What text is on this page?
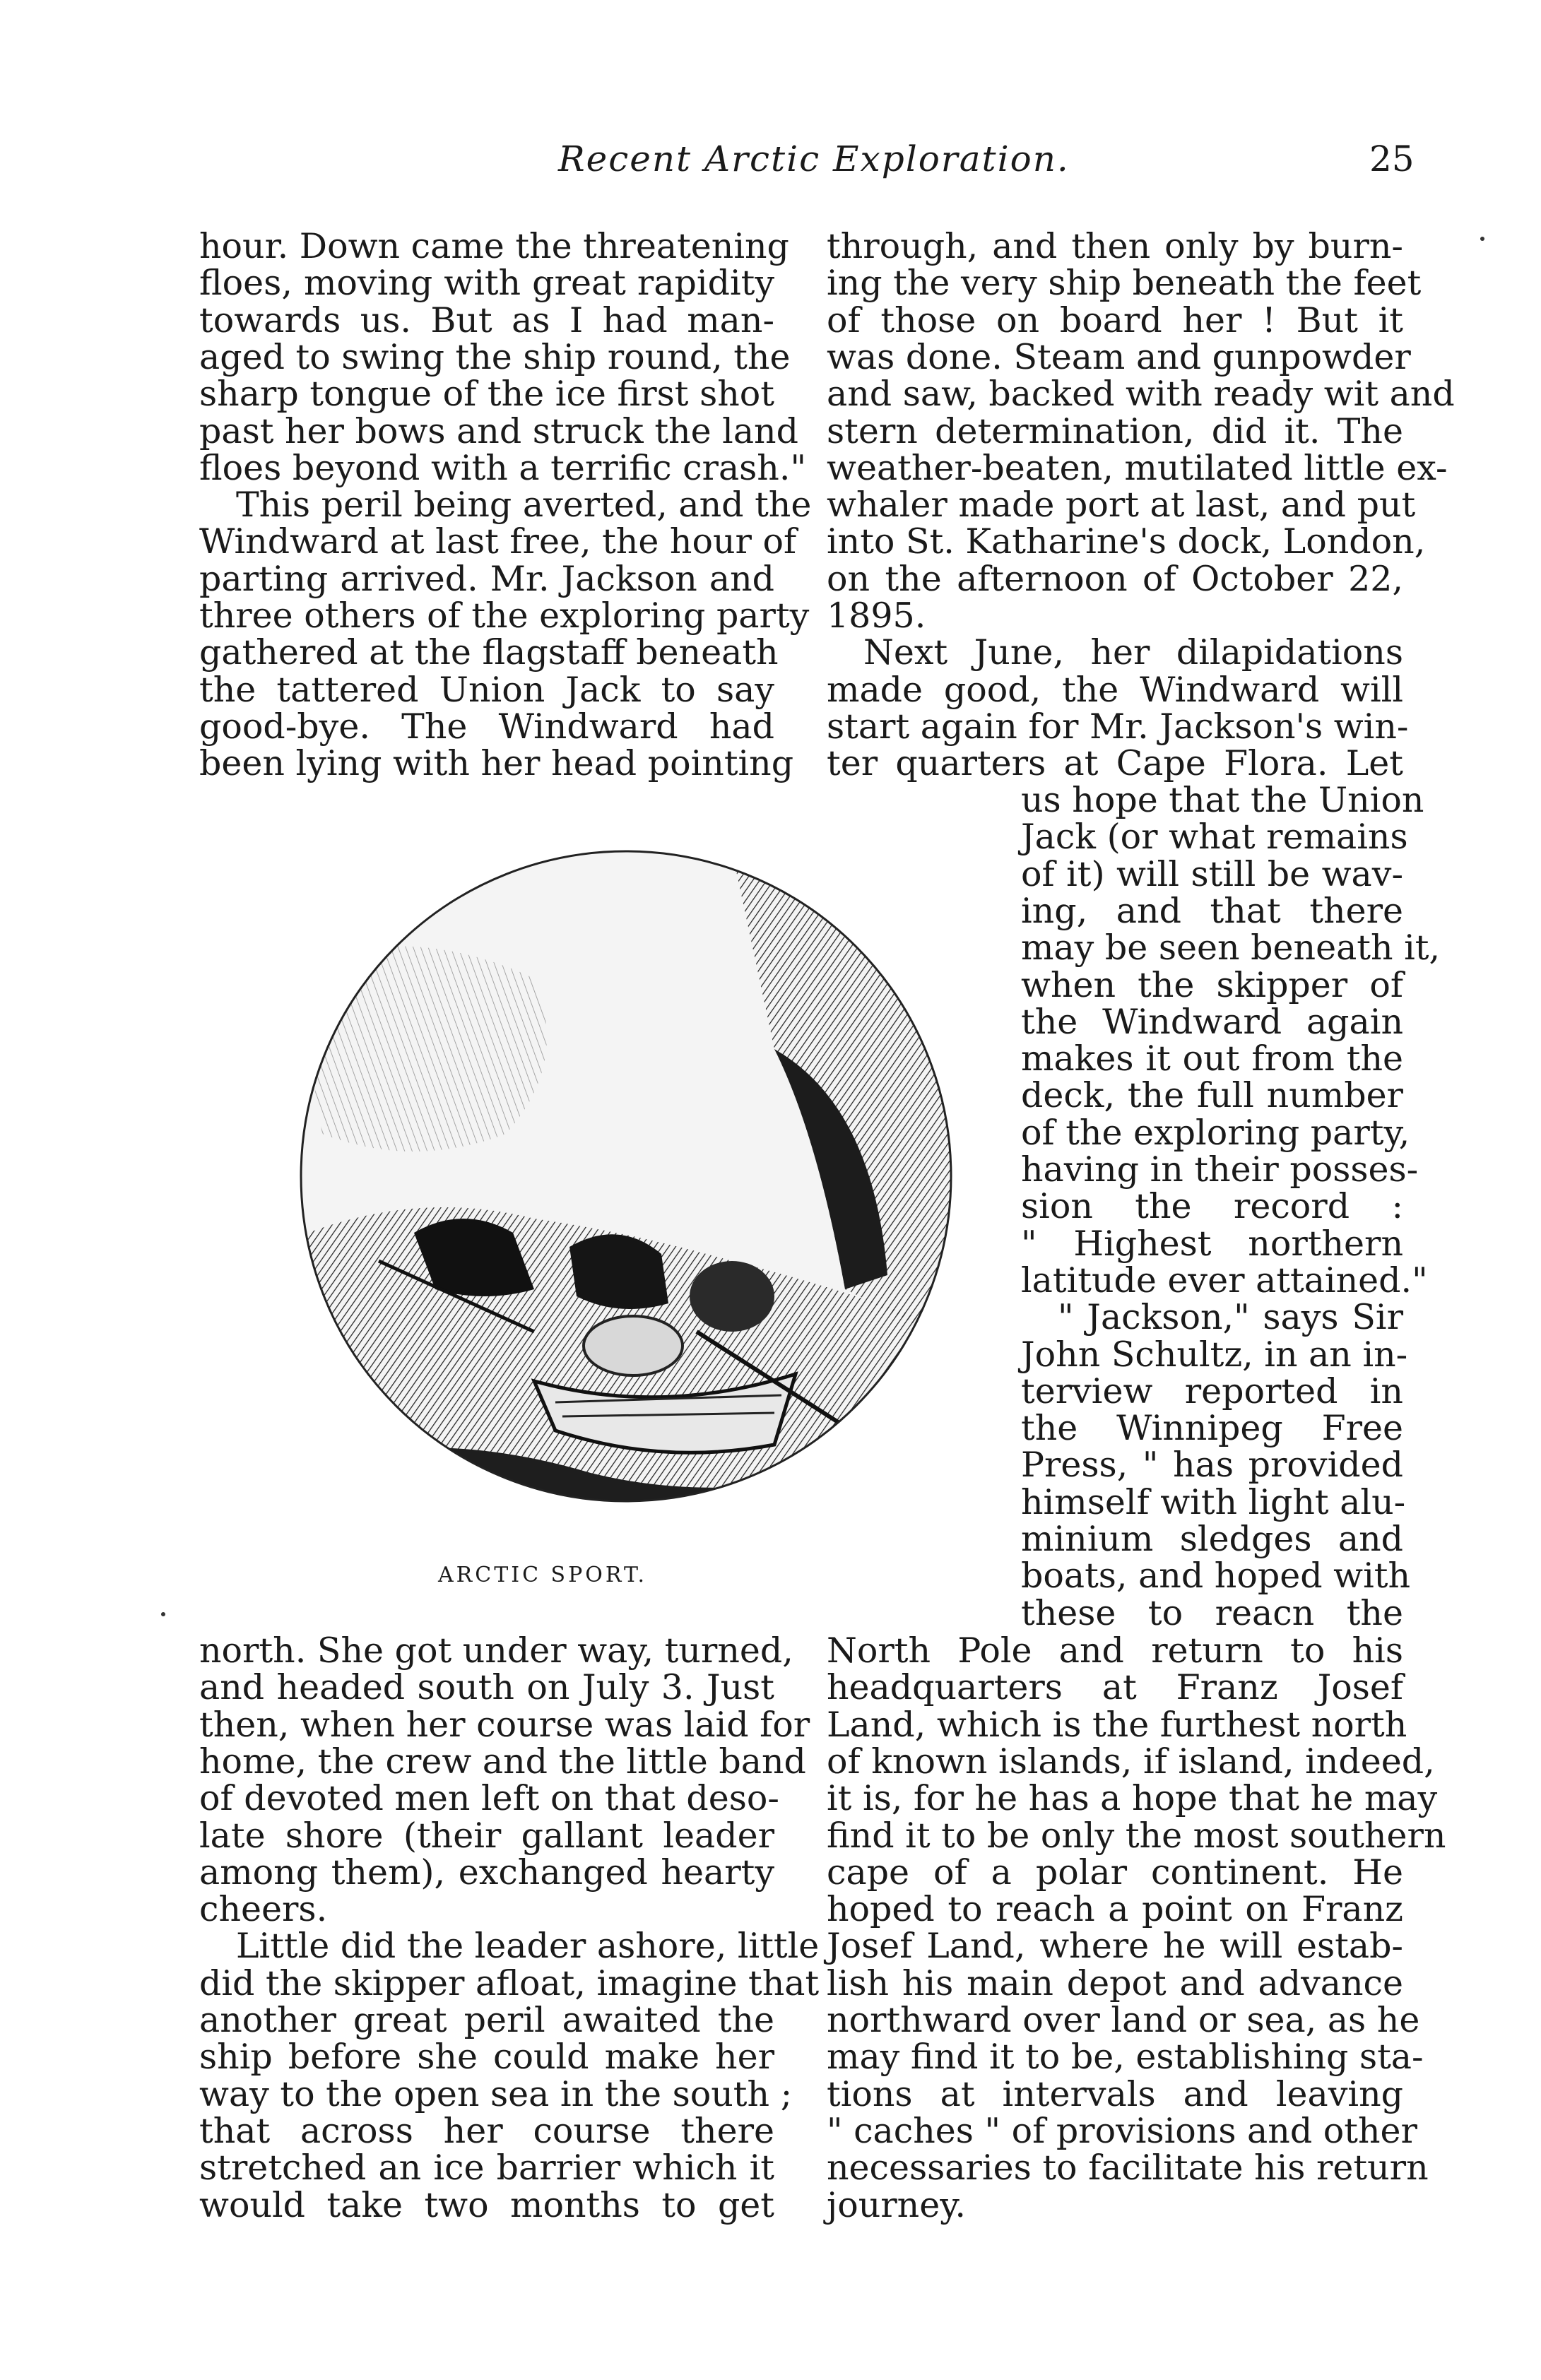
Recent Arctic Exploration.	25
hour. Down came the threatening
floes, moving with great rapidity
towards us. But as I had man-
aged to swing the ship round, the
sharp tongue of the ice first shot
past her bows and struck the land
floes beyond with a terrific crash."
This peril being averted, and the
Windward at last free, the hour of
parting arrived. Mr. Jackson and
three others of the exploring party
gathered at the flagstaff beneath
the tattered Union Jack to say
good-bye. The Windward had
been lying with her head pointing
north. She got under way, turned,
and headed south on July 3. Just
then, when her course was laid for
home, the crew and the little band
of devoted men left on that deso-
late shore (their gallant leader
among them), exchanged hearty
cheers.
Little did the leader ashore, little
did the skipper afloat, imagine that
another great peril awaited the
ship before she could make her
way to the open sea in the south ;
that across her course there
stretched an ice barrier which it
would take two months to get
through, and then only by burn-
ing the very ship beneath the feet
of those on board her ! But it
was done. Steam and gunpowder
and saw, backed with ready wit and
stern determination, did it. The
weather-beaten, mutilated little ex-
whaler made port at last, and put
into St. Katharine's dock, London,
on the afternoon of October 22,
1895.
Next June, her dilapidations
made good, the Windward will
start again for Mr. Jackson's win-
ter quarters at Cape Flora. Let
us hope that the Union
Jack (or what remains
of it) will still be wav-
ing, and that there
may be seen beneath it,
when the skipper of
the Windward again
makes it out from the
deck, the full number
of the exploring party,
having in their posses-
sion the record :
" Highest northern
latitude ever attained."
" Jackson," says Sir
John Schultz, in an in-
terview reported in
the Winnipeg Free
Press, " has provided
himself with light alu-
minium sledges and
boats, and hoped with
these to reacn the
North Pole and return to his
headquarters at Franz Josef
Land, which is the furthest north
of known islands, if island, indeed,
it is, for he has a hope that he may
find it to be only the most southern
cape of a polar continent. He
hoped to reach a point on Franz
Josef Land, where he will estab-
lish his main depot and advance
northward over land or sea, as he
may find it to be, establishing sta-
tions at intervals and leaving
" caches " of provisions and other
necessaries to facilitate his return
journey.
ARCTIC SPORT.
